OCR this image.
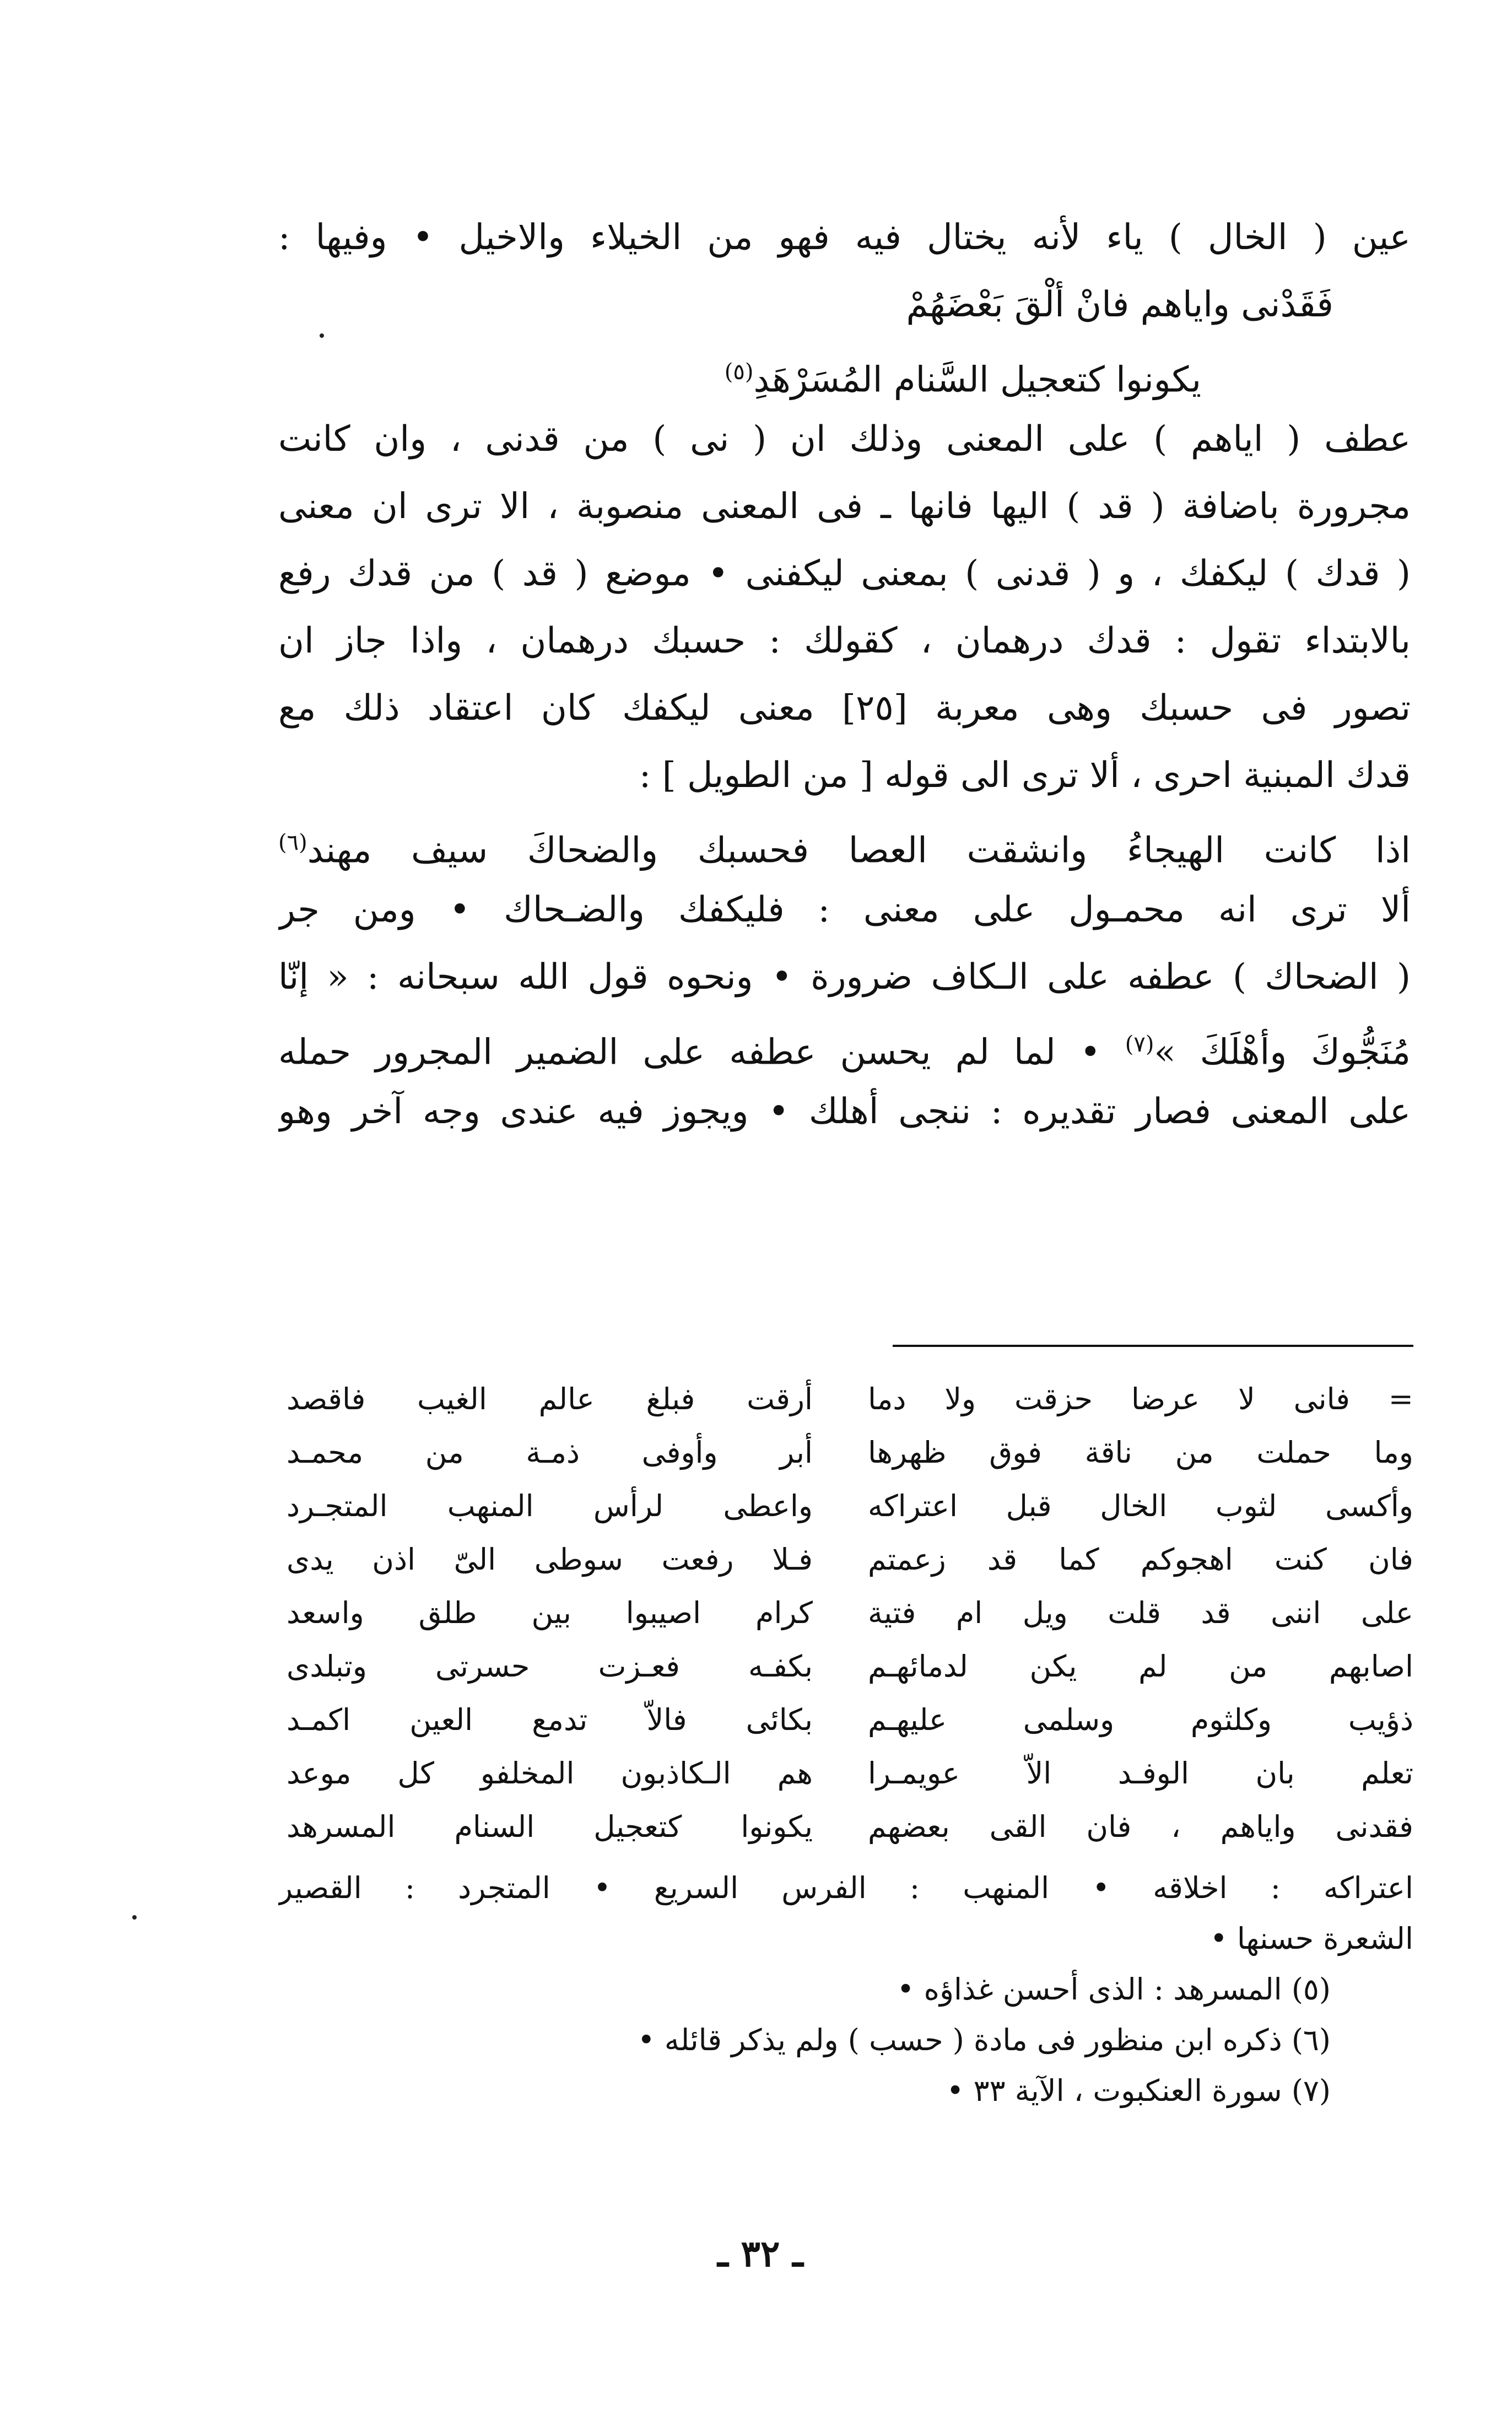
عين ( الخال ) ياء لأنه يختال فيه فهو من الخيلاء والاخيل • وفيها :
فَقَدْنى واياهم فانْ ألْقَ بَعْضَهُمْ
يكونوا كتعجيل السَّنام المُسَرْهَدِ$^{(٥)}$
عطف ( اياهم ) على المعنى وذلك ان ( نى ) من قدنى ، وان كانت
مجرورة باضافة ( قد ) اليها فانها ـ فى المعنى منصوبة ، الا ترى ان معنى
( قدك ) ليكفك ، و ( قدنى ) بمعنى ليكفنى • موضع ( قد ) من قدك رفع
بالابتداء تقول : قدك درهمان ، كقولك : حسبك درهمان ، واذا جاز ان
تصور فى حسبك وهى معربة [٢٥] معنى ليكفك كان اعتقاد ذلك مع
قدك المبنية احرى ، ألا ترى الى قوله [ من الطويل ] :
اذا كانت الهيجاءُ وانشقت العصا فحسبك والضحاكَ سيف مهند$^{(٦)}$
ألا ترى انه محمـول على معنى : فليكفك والضـحاك • ومن جر
( الضحاك ) عطفه على الـكاف ضرورة • ونحوه قول الله سبحانه : « إنّا
مُنَجُّوكَ وأهْلَكَ »$^{(٧)}$ • لما لم يحسن عطفه على الضمير المجرور حمله
على المعنى فصار تقديره : ننجى أهلك • ويجوز فيه عندى وجه آخر وهو
= فانى لا عرضا حزقت ولا دما
وما حملت من ناقة فوق ظهرها
وأكسى لثوب الخال قبل اعتراكه
فان كنت اهجوكم كما قد زعمتم
على اننى قد قلت ويل ام فتية
اصابهم من لم يكن لدمائهـم
ذؤيب وكلثوم وسلمى عليهـم
تعلم بان الوفـد الاّ عويمـرا
فقدنى واياهم ، فان القى بعضهم
أرقت فبلغ عالم الغيب فاقصد
أبر وأوفى ذمـة من محمـد
واعطى لرأس المنهب المتجـرد
فـلا رفعت سوطى الىّ اذن يدى
كرام اصيبوا بين طلق واسعد
بكفـه فعـزت حسرتى وتبلدى
بكائى فالاّ تدمع العين اكمـد
هم الـكاذبون المخلفو كل موعد
يكونوا كتعجيل السنام المسرهد
اعتراكه : اخلاقه • المنهب : الفرس السريع • المتجرد : القصير
الشعرة حسنها •
(٥) المسرهد : الذى أحسن غذاؤه •
(٦) ذكره ابن منظور فى مادة ( حسب ) ولم يذكر قائله •
(٧) سورة العنكبوت ، الآية ٣٣ •
ـ ٣٢ ـ
